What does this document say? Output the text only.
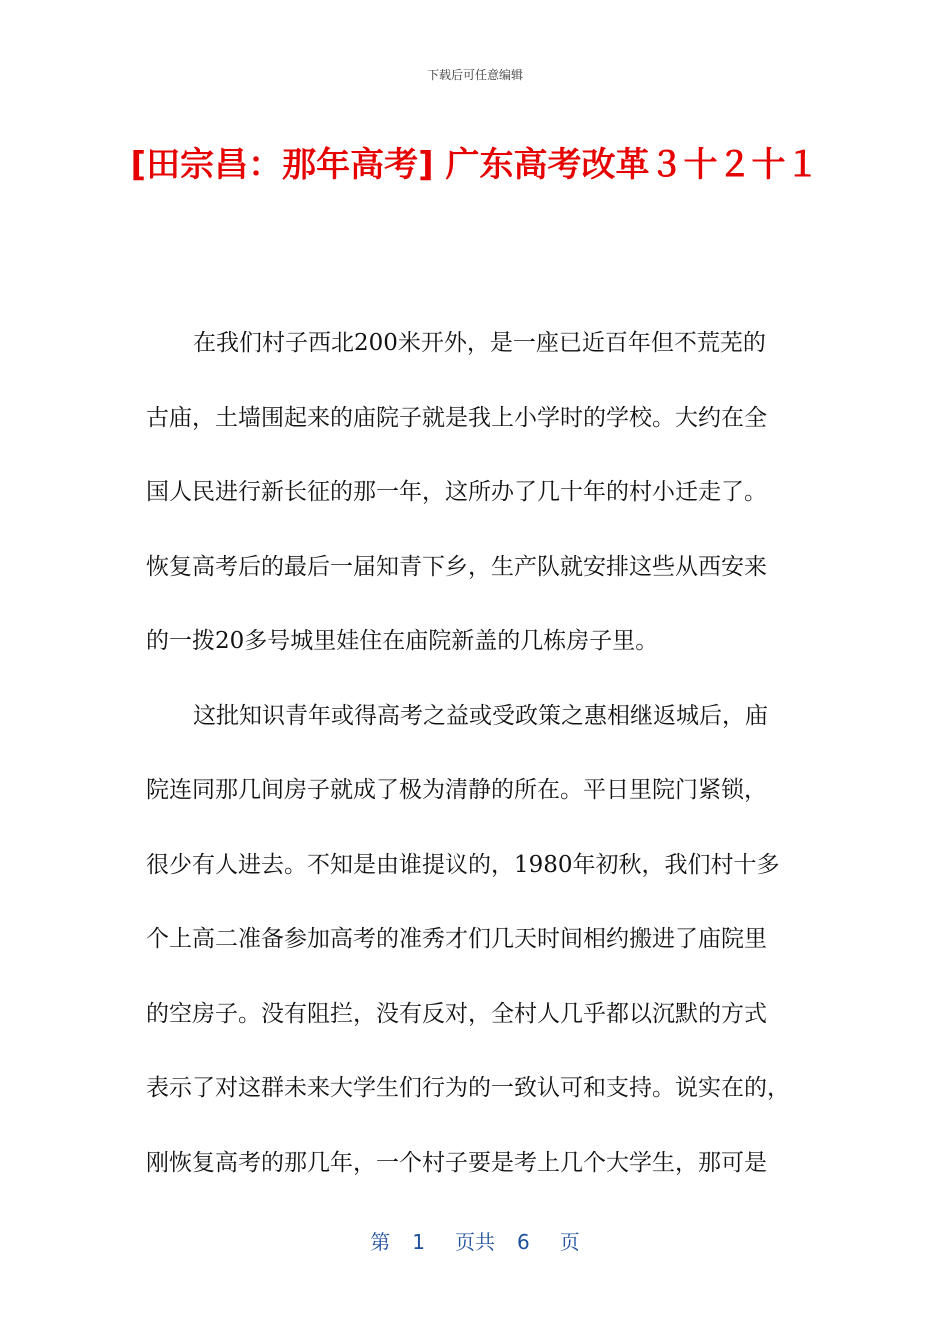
下载后可任意编辑
[田宗昌：那年高考] 广东高考改革３十２十１
在我们村子西北200米开外，是一座已近百年但不荒芜的
古庙，土墙围起来的庙院子就是我上小学时的学校。大约在全
国人民进行新长征的那一年，这所办了几十年的村小迁走了。
恢复高考后的最后一届知青下乡，生产队就安排这些从西安来
的一拨20多号城里娃住在庙院新盖的几栋房子里。
这批知识青年或得高考之益或受政策之惠相继返城后，庙
院连同那几间房子就成了极为清静的所在。平日里院门紧锁，
很少有人进去。不知是由谁提议的，1980年初秋，我们村十多
个上高二准备参加高考的准秀才们几天时间相约搬进了庙院里
的空房子。没有阻拦，没有反对，全村人几乎都以沉默的方式
表示了对这群未来大学生们行为的一致认可和支持。说实在的，
刚恢复高考的那几年，一个村子要是考上几个大学生，那可是
第 1 页共 6 页
